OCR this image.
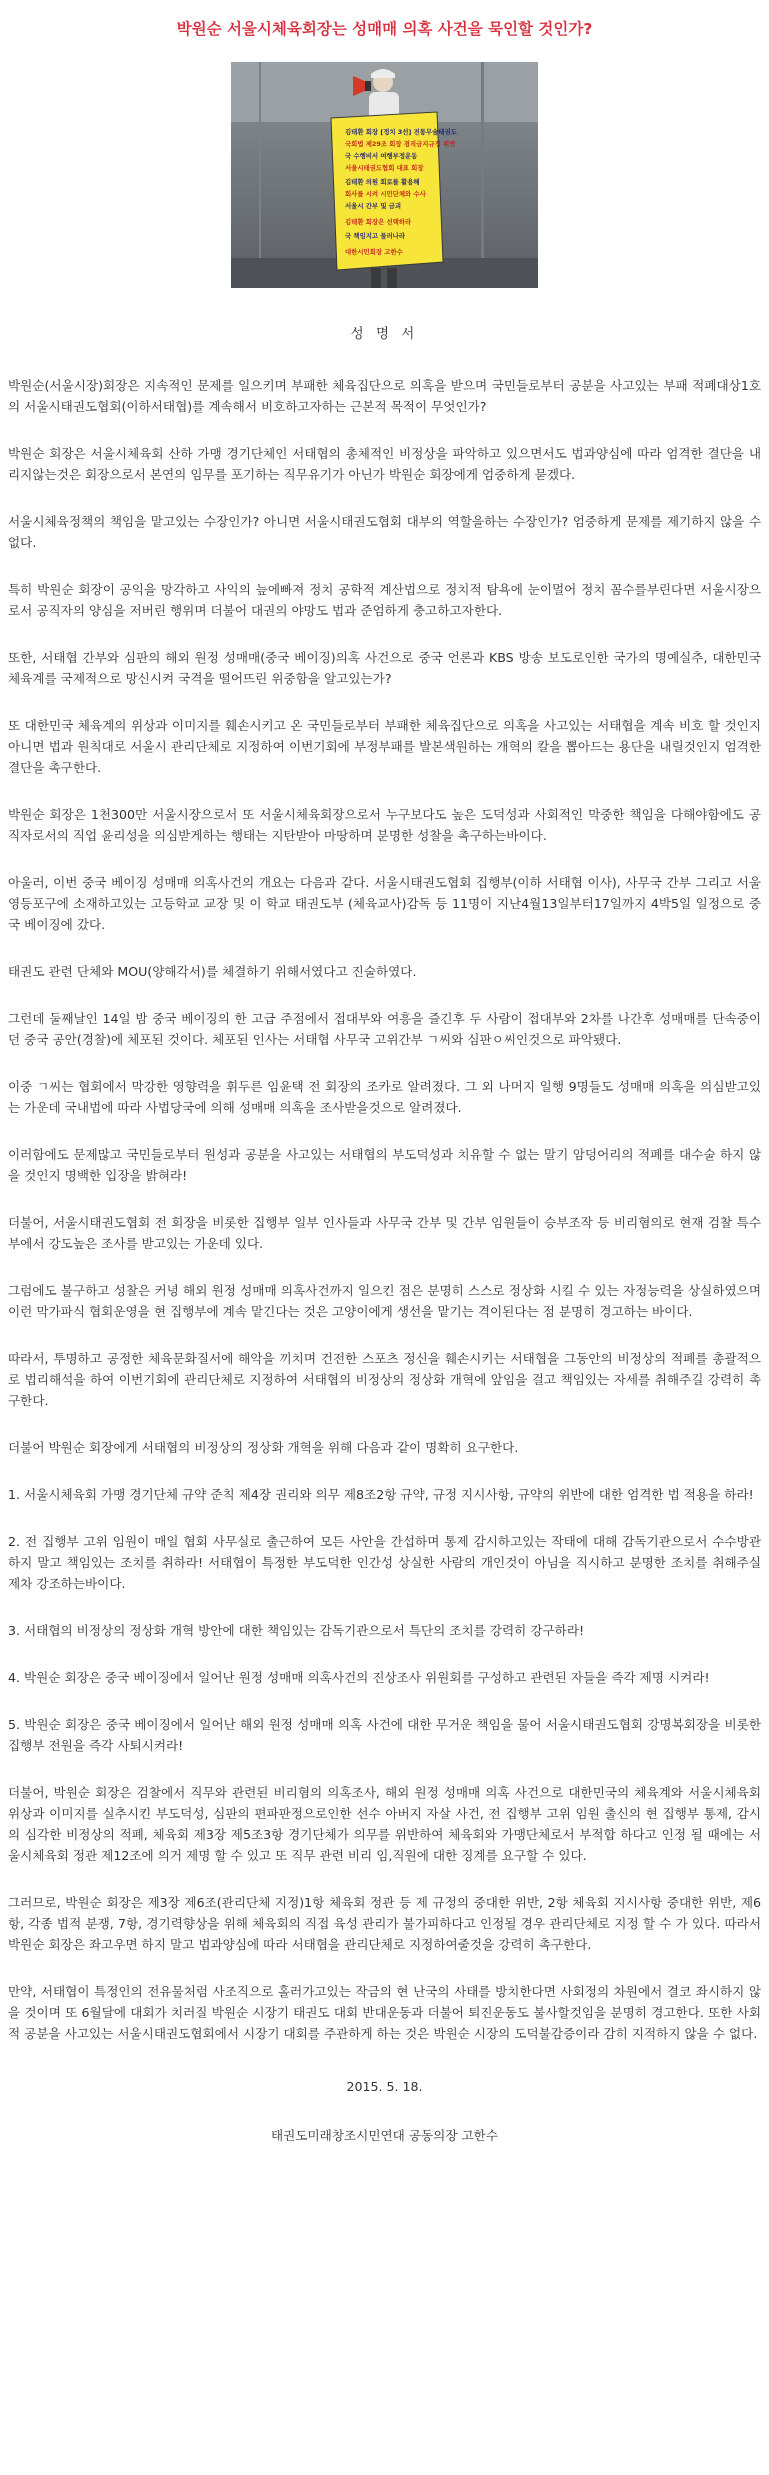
박원순 서울시체육회장는 성매매 의혹 사건을 묵인할 것인가?
김태환 회장 [정치 3선] 전통무술태권도
국회법 제29조 회장 겸직금지규정 위반
국 수행비서 여행부정운동
서울시태권도협회 대표 회장
김태환 의원 회로를 활용해
회사를 시켜 시민단체와 수사
서울시 간부 및 금괴
김태환 회장은 선택하라
국 책임지고 물러나라
대한시민회장 고한수
성 명 서

박원순(서울시장)회장은 지속적인 문제를 일으키며 부패한 체육집단으로 의혹을 받으며 국민들로부터 공분을 사고있는 부패 적폐대상1호의 서울시태권도협회(이하서태협)를 계속해서 비호하고자하는 근본적 목적이 무엇인가?

박원순 회장은 서울시체육회 산하 가맹 경기단체인 서태협의 총체적인 비정상을 파악하고 있으면서도 법과양심에 따라 엄격한 결단을 내리지않는것은 회장으로서 본연의 임무를 포기하는 직무유기가 아닌가 박원순 회장에게 엄중하게 묻겠다.

서울시체육정책의 책임을 맡고있는 수장인가? 아니면 서울시태권도협회 대부의 역할을하는 수장인가? 엄중하게 문제를 제기하지 않을 수 없다.

특히 박원순 회장이 공익을 망각하고 사익의 늪에빠져 정치 공학적 계산법으로 정치적 탐욕에 눈이멀어 정치 꼼수를부린다면 서울시장으로서 공직자의 양심을 저버린 행위며 더불어 대권의 야망도 법과 준엄하게 충고하고자한다.

또한, 서태협 간부와 심판의 해외 원정 성매매(중국 베이징)의혹 사건으로 중국 언론과 KBS 방송 보도로인한 국가의 명예실추, 대한민국 체육계를 국제적으로 망신시켜 국격을 떨어뜨린 위중함을 알고있는가?

또 대한민국 체육계의 위상과 이미지를 훼손시키고 온 국민들로부터 부패한 체육집단으로 의혹을 사고있는 서태협을 계속 비호 할 것인지 아니면 법과 원칙대로 서울시 관리단체로 지정하여 이번기회에 부정부패를 발본색원하는 개혁의 칼을 뽑아드는 용단을 내릴것인지 엄격한 결단을 촉구한다.

박원순 회장은 1천300만 서울시장으로서 또 서울시체육회장으로서 누구보다도 높은 도덕성과 사회적인 막중한 책임을 다해야함에도 공직자로서의 직업 윤리성을 의심받게하는 행태는 지탄받아 마땅하며 분명한 성찰을 촉구하는바이다.

아울러, 이번 중국 베이징 성매매 의혹사건의 개요는 다음과 같다. 서울시태권도협회 집행부(이하 서태협 이사), 사무국 간부 그리고 서울 영등포구에 소재하고있는 고등학교 교장 및 이 학교 태권도부 (체육교사)감독 등 11명이 지난4월13일부터17일까지 4박5일 일정으로 중국 베이징에 갔다.

태권도 관련 단체와 MOU(양해각서)를 체결하기 위해서였다고 진술하였다.

그런데 둘째날인 14일 밤 중국 베이징의 한 고급 주점에서 접대부와 여흥을 즐긴후 두 사람이 접대부와 2차를 나간후 성매매를 단속중이던 중국 공안(경찰)에 체포된 것이다. 체포된 인사는 서태협 사무국 고위간부 ㄱ씨와 심판ㅇ씨인것으로 파악됐다.

이중 ㄱ씨는 협회에서 막강한 영향력을 휘두른 임윤택 전 회장의 조카로 알려졌다. 그 외 나머지 일행 9명들도 성매매 의혹을 의심받고있는 가운데 국내법에 따라 사법당국에 의해 성매매 의혹을 조사받을것으로 알려졌다.

이러함에도 문제많고 국민들로부터 원성과 공분을 사고있는 서태협의 부도덕성과 치유할 수 없는 말기 암덩어리의 적폐를 대수술 하지 않을 것인지 명백한 입장을 밝혀라!

더불어, 서울시태권도협회 전 회장을 비롯한 집행부 일부 인사들과 사무국 간부 및 간부 임원들이 승부조작 등 비리혐의로 현재 검찰 특수부에서 강도높은 조사를 받고있는 가운데 있다.

그럼에도 불구하고 성찰은 커녕 해외 원정 성매매 의혹사건까지 일으킨 점은 분명히 스스로 정상화 시킬 수 있는 자정능력을 상실하였으며 이런 막가파식 협회운영을 현 집행부에 계속 맡긴다는 것은 고양이에게 생선을 맡기는 격이된다는 점 분명히 경고하는 바이다.

따라서, 투명하고 공정한 체육문화질서에 해악을 끼치며 건전한 스포츠 정신을 훼손시키는 서태협을 그동안의 비정상의 적폐를 총괄적으로 법리해석을 하여 이번기회에 관리단체로 지정하여 서태협의 비정상의 정상화 개혁에 앞임을 걸고 책임있는 자세를 취해주길 강력히 촉구한다.

더불어 박원순 회장에게 서태협의 비정상의 정상화 개혁을 위해 다음과 같이 명확히 요구한다.

1. 서울시체육회 가맹 경기단체 규약 준칙 제4장 권리와 의무 제8조2항 규약, 규정 지시사항, 규약의 위반에 대한 엄격한 법 적용을 하라!

2. 전 집행부 고위 임원이 매일 협회 사무실로 출근하여 모든 사안을 간섭하며 통제 감시하고있는 작태에 대해 감독기관으로서 수수방관 하지 말고 책임있는 조치를 취하라! 서태협이 특정한 부도덕한 인간성 상실한 사람의 개인것이 아님을 직시하고 분명한 조치를 취해주실 제차 강조하는바이다.

3. 서태협의 비정상의 정상화 개혁 방안에 대한 책임있는 감독기관으로서 특단의 조치를 강력히 강구하라!

4. 박원순 회장은 중국 베이징에서 일어난 원정 성매매 의혹사건의 진상조사 위원회를 구성하고 관련된 자들을 즉각 제명 시켜라!

5. 박원순 회장은 중국 베이징에서 일어난 해외 원정 성매매 의혹 사건에 대한 무거운 책임을 물어 서울시태권도협회 강명복회장을 비롯한 집행부 전원을 즉각 사퇴시켜라!

더불어, 박원순 회장은 검찰에서 직무와 관련된 비리혐의 의혹조사, 해외 원정 성매매 의혹 사건으로 대한민국의 체육계와 서울시체육회 위상과 이미지를 실추시킨 부도덕성, 심판의 편파판정으로인한 선수 아버지 자살 사건, 전 집행부 고위 임원 출신의 현 집행부 통제, 감시의 심각한 비정상의 적폐, 체육회 제3장 제5조3항 경기단체가 의무를 위반하여 체육회와 가맹단체로서 부적합 하다고 인정 될 때에는 서울시체육회 정관 제12조에 의거 제명 할 수 있고 또 직무 관련 비리 임,직원에 대한 징계를 요구할 수 있다.

그러므로, 박원순 회장은 제3장 제6조(관리단체 지정)1항 체육회 정관 등 제 규정의 중대한 위반, 2항 체육회 지시사항 중대한 위반, 제6항, 각종 법적 분쟁, 7항, 경기력향상을 위해 체육회의 직접 육성 관리가 불가피하다고 인정될 경우 관리단체로 지정 할 수 가 있다. 따라서 박원순 회장은 좌고우면 하지 말고 법과양심에 따라 서태협을 관리단체로 지정하여줄것을 강력히 촉구한다.

만약, 서태협이 특정인의 전유물처럼 사조직으로 홀러가고있는 작금의 현 난국의 사태를 방치한다면 사회정의 차원에서 결코 좌시하지 않을 것이며 또 6월달에 대회가 치러질 박원순 시장기 태권도 대회 반대운동과 더불어 퇴진운동도 불사할것임을 분명히 경고한다. 또한 사회적 공분을 사고있는 서울시태권도협회에서 시장기 대회를 주관하게 하는 것은 박원순 시장의 도덕불감증이라 감히 지적하지 않을 수 없다.

2015. 5. 18.
태권도미래창조시민연대 공동의장 고한수
